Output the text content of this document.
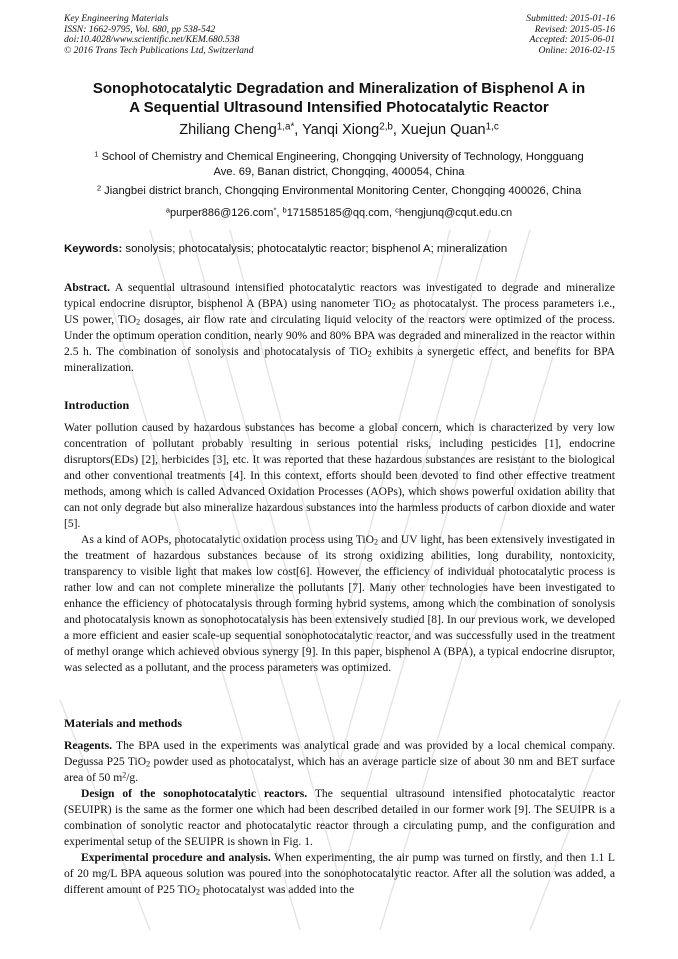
Key Engineering Materials
ISSN: 1662-9795, Vol. 680, pp 538-542
doi:10.4028/www.scientific.net/KEM.680.538
© 2016 Trans Tech Publications Ltd, Switzerland
Submitted: 2015-01-16
Revised: 2015-05-16
Accepted: 2015-06-01
Online: 2016-02-15
Sonophotocatalytic Degradation and Mineralization of Bisphenol A in
A Sequential Ultrasound Intensified Photocatalytic Reactor
Zhiliang Cheng$^{1,a*}$, Yanqi Xiong$^{2,b}$, Xuejun Quan$^{1,c}$
$^1$ School of Chemistry and Chemical Engineering, Chongqing University of Technology, Hongguang
Ave. 69, Banan district, Chongqing, 400054, China
$^2$ Jiangbei district branch, Chongqing Environmental Monitoring Center, Chongqing 400026, China
$^a$purper886@126.com*, $^b$171585185@qq.com, $^c$hengjunq@cqut.edu.cn
Keywords: sonolysis; photocatalysis; photocatalytic reactor; bisphenol A; mineralization

Abstract. A sequential ultrasound intensified photocatalytic reactors was investigated to degrade and mineralize typical endocrine disruptor, bisphenol A (BPA) using nanometer TiO$_2$ as photocatalyst. The process parameters i.e., US power, TiO$_2$ dosages, air flow rate and circulating liquid velocity of the reactors were optimized of the process. Under the optimum operation condition, nearly 90% and 80% BPA was degraded and mineralized in the reactor within 2.5 h. The combination of sonolysis and photocatalysis of TiO$_2$ exhibits a synergetic effect, and benefits for BPA mineralization.

Introduction

Water pollution caused by hazardous substances has become a global concern, which is characterized by very low concentration of pollutant probably resulting in serious potential risks, including pesticides [1], endocrine disruptors(EDs) [2], herbicides [3], etc. It was reported that these hazardous substances are resistant to the biological and other conventional treatments [4]. In this context, efforts should been devoted to find other effective treatment methods, among which is called Advanced Oxidation Processes (AOPs), which shows powerful oxidation ability that can not only degrade but also mineralize hazardous substances into the harmless products of carbon dioxide and water [5].

As a kind of AOPs, photocatalytic oxidation process using TiO$_2$ and UV light, has been extensively investigated in the treatment of hazardous substances because of its strong oxidizing abilities, long durability, nontoxicity, transparency to visible light that makes low cost[6]. However, the efficiency of individual photocatalytic process is rather low and can not complete mineralize the pollutants [7]. Many other technologies have been investigated to enhance the efficiency of photocatalysis through forming hybrid systems, among which the combination of sonolysis and photocatalysis known as sonophotocatalysis has been extensively studied [8]. In our previous work, we developed a more efficient and easier scale-up sequential sonophotocatalytic reactor, and was successfully used in the treatment of methyl orange which achieved obvious synergy [9]. In this paper, bisphenol A (BPA), a typical endocrine disruptor, was selected as a pollutant, and the process parameters was optimized.

Materials and methods

Reagents. The BPA used in the experiments was analytical grade and was provided by a local chemical company. Degussa P25 TiO$_2$ powder used as photocatalyst, which has an average particle size of about 30 nm and BET surface area of 50 $m^2/g$.

Design of the sonophotocatalytic reactors. The sequential ultrasound intensified photocatalytic reactor (SEUIPR) is the same as the former one which had been described detailed in our former work [9]. The SEUIPR is a combination of sonolytic reactor and photocatalytic reactor through a circulating pump, and the configuration and experimental setup of the SEUIPR is shown in Fig. 1.

Experimental procedure and analysis. When experimenting, the air pump was turned on firstly, and then 1.1 L of 20 mg/L BPA aqueous solution was poured into the sonophotocatalytic reactor. After all the solution was added, a different amount of P25 TiO$_2$ photocatalyst was added into the
